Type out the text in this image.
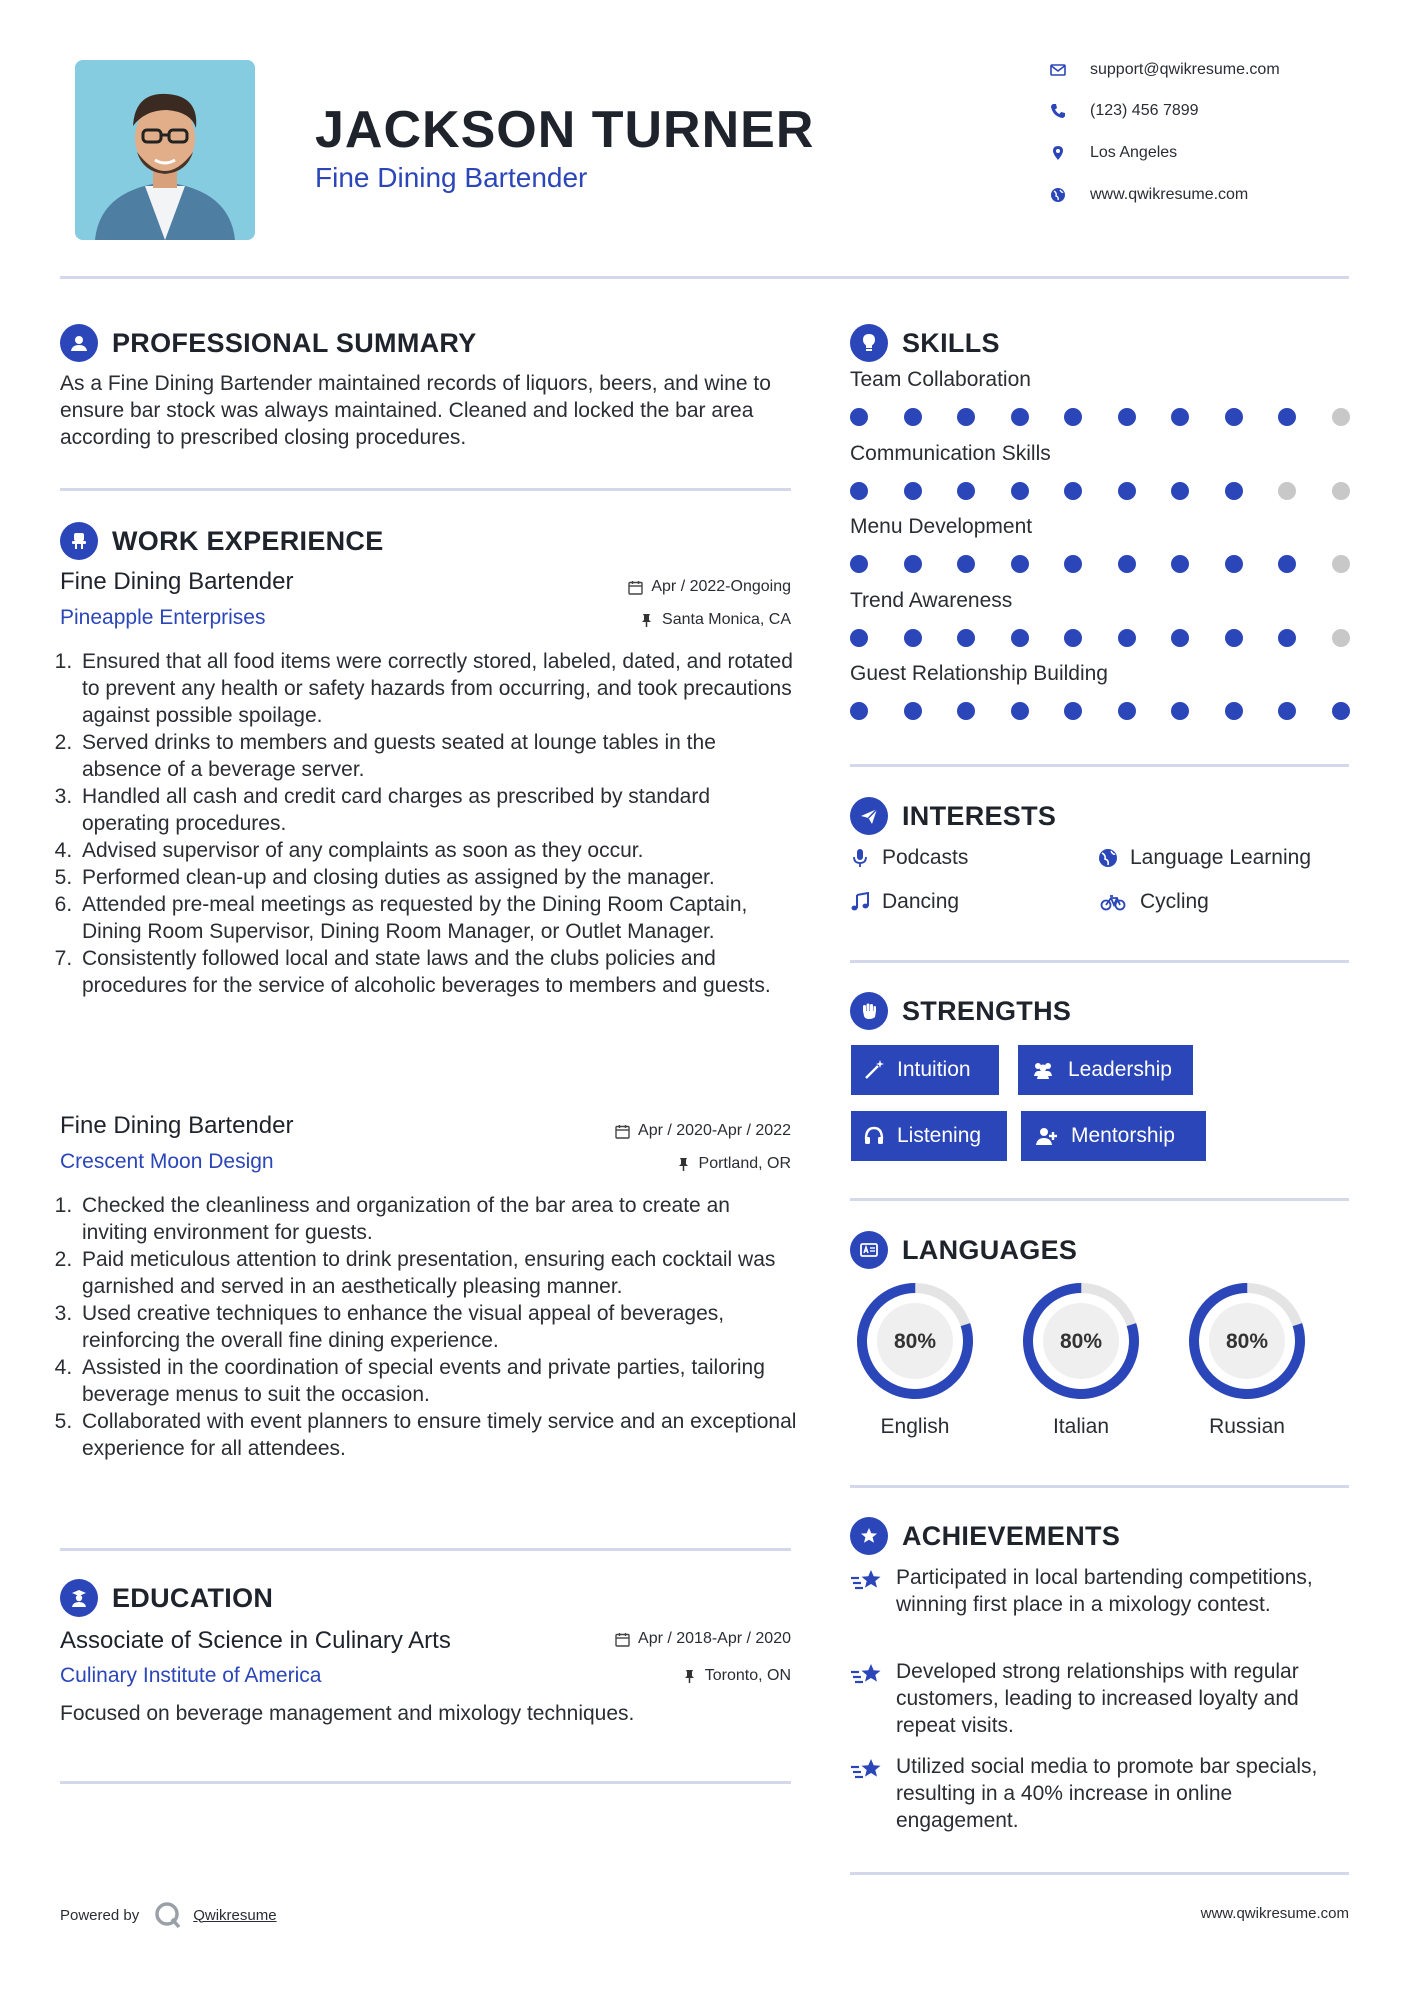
JACKSON TURNER
Fine Dining Bartender
support@qwikresume.com
(123) 456 7899
Los Angeles
www.qwikresume.com
PROFESSIONAL SUMMARY
As a Fine Dining Bartender maintained records of liquors, beers, and wine to ensure bar stock was always maintained. Cleaned and locked the bar area according to prescribed closing procedures.
WORK EXPERIENCE
Fine Dining Bartender	Apr / 2022-Ongoing
Pineapple Enterprises	Santa Monica, CA
1. Ensured that all food items were correctly stored, labeled, dated, and rotated to prevent any health or safety hazards from occurring, and took precautions against possible spoilage.
2. Served drinks to members and guests seated at lounge tables in the absence of a beverage server.
3. Handled all cash and credit card charges as prescribed by standard operating procedures.
4. Advised supervisor of any complaints as soon as they occur.
5. Performed clean-up and closing duties as assigned by the manager.
6. Attended pre-meal meetings as requested by the Dining Room Captain, Dining Room Supervisor, Dining Room Manager, or Outlet Manager.
7. Consistently followed local and state laws and the clubs policies and procedures for the service of alcoholic beverages to members and guests.
Fine Dining Bartender	Apr / 2020-Apr / 2022
Crescent Moon Design	Portland, OR
1. Checked the cleanliness and organization of the bar area to create an inviting environment for guests.
2. Paid meticulous attention to drink presentation, ensuring each cocktail was garnished and served in an aesthetically pleasing manner.
3. Used creative techniques to enhance the visual appeal of beverages, reinforcing the overall fine dining experience.
4. Assisted in the coordination of special events and private parties, tailoring beverage menus to suit the occasion.
5. Collaborated with event planners to ensure timely service and an exceptional experience for all attendees.
EDUCATION
Associate of Science in Culinary Arts	Apr / 2018-Apr / 2020
Culinary Institute of America	Toronto, ON
Focused on beverage management and mixology techniques.
SKILLS
Team Collaboration
Communication Skills
Menu Development
Trend Awareness
Guest Relationship Building
INTERESTS
Podcasts	Language Learning
Dancing	Cycling
STRENGTHS
Intuition	Leadership
Listening	Mentorship
LANGUAGES
80%
English
80%
Italian
80%
Russian
ACHIEVEMENTS
Participated in local bartending competitions, winning first place in a mixology contest.
Developed strong relationships with regular customers, leading to increased loyalty and repeat visits.
Utilized social media to promote bar specials, resulting in a 40% increase in online engagement.
Powered by	Qwikresume	www.qwikresume.com
